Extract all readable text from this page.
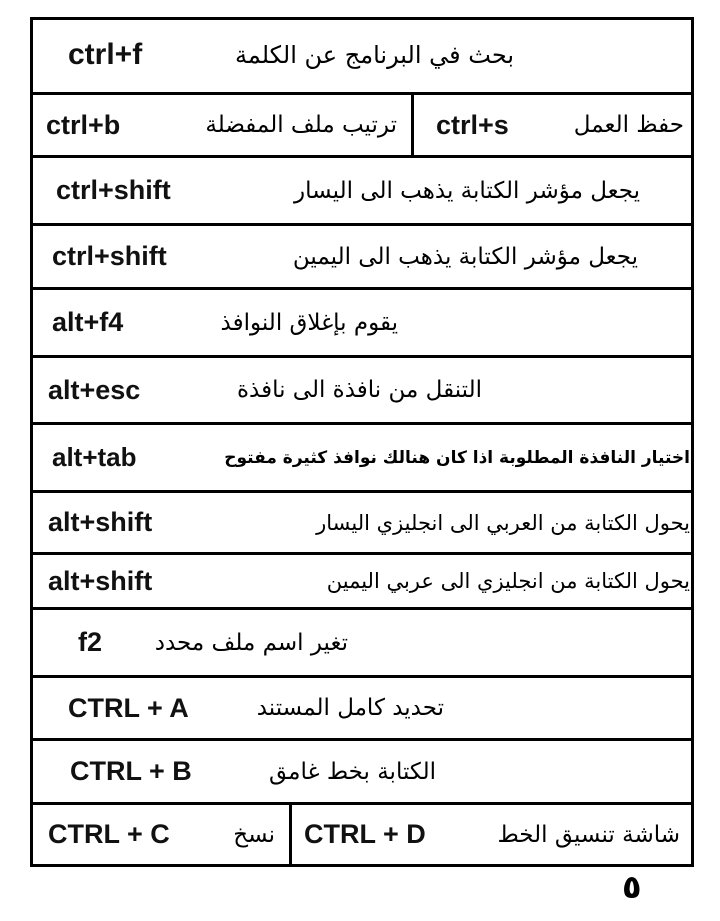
ctrl+f	بحث في البرنامج عن الكلمة
ctrl+b	ترتيب ملف المفضلة ctrl+s	حفظ العمل
ctrl+shift	يجعل مؤشر الكتابة يذهب الى اليسار
ctrl+shift	يجعل مؤشر الكتابة يذهب الى اليمين
alt+f4	يقوم بإغلاق النوافذ
alt+esc	التنقل من نافذة الى نافذة
alt+tab	اختيار النافذة المطلوبة اذا كان هنالك نوافذ كثيرة مفتوح
alt+shift	يحول الكتابة من العربي الى انجليزي اليسار
alt+shift	يحول الكتابة من انجليزي الى عربي اليمين
f2 تغير اسم ملف محدد
CTRL + A	تحديد كامل المستند
CTRL + B	الكتابة بخط غامق
CTRL + C	نسخ CTRL + D	شاشة تنسيق الخط
٥
